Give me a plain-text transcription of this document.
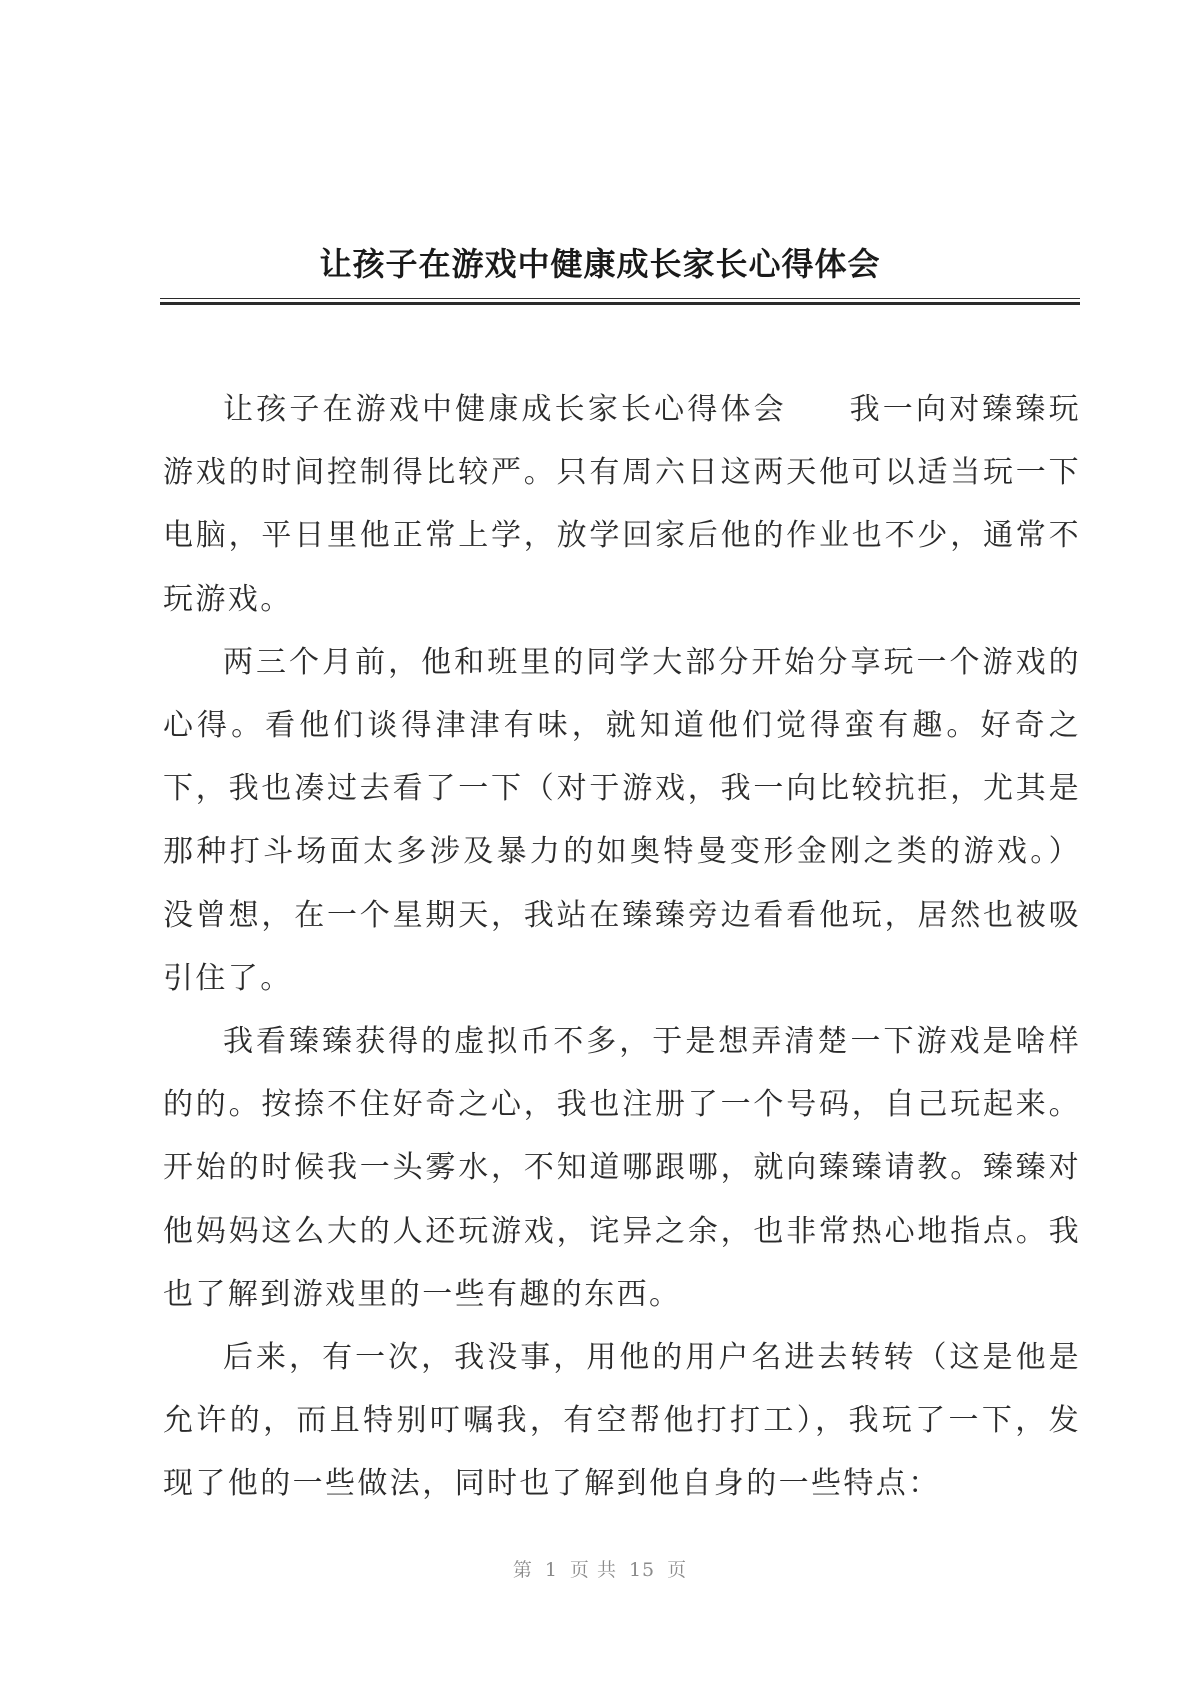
让孩子在游戏中健康成长家长心得体会

让孩子在游戏中健康成长家长心得体会 我一向对臻臻玩游戏的时间控制得比较严。只有周六日这两天他可以适当玩一下电脑，平日里他正常上学，放学回家后他的作业也不少，通常不玩游戏。

两三个月前，他和班里的同学大部分开始分享玩一个游戏的心得。看他们谈得津津有味，就知道他们觉得蛮有趣。好奇之下，我也凑过去看了一下（对于游戏，我一向比较抗拒，尤其是那种打斗场面太多涉及暴力的如奥特曼变形金刚之类的游戏。）没曾想，在一个星期天，我站在臻臻旁边看看他玩，居然也被吸引住了。

我看臻臻获得的虚拟币不多，于是想弄清楚一下游戏是啥样的的。按捺不住好奇之心，我也注册了一个号码，自己玩起来。开始的时候我一头雾水，不知道哪跟哪，就向臻臻请教。臻臻对他妈妈这么大的人还玩游戏，诧异之余，也非常热心地指点。我也了解到游戏里的一些有趣的东西。

后来，有一次，我没事，用他的用户名进去转转（这是他是允许的，而且特别叮嘱我，有空帮他打打工），我玩了一下，发现了他的一些做法，同时也了解到他自身的一些特点：

第 1 页 共 15 页
